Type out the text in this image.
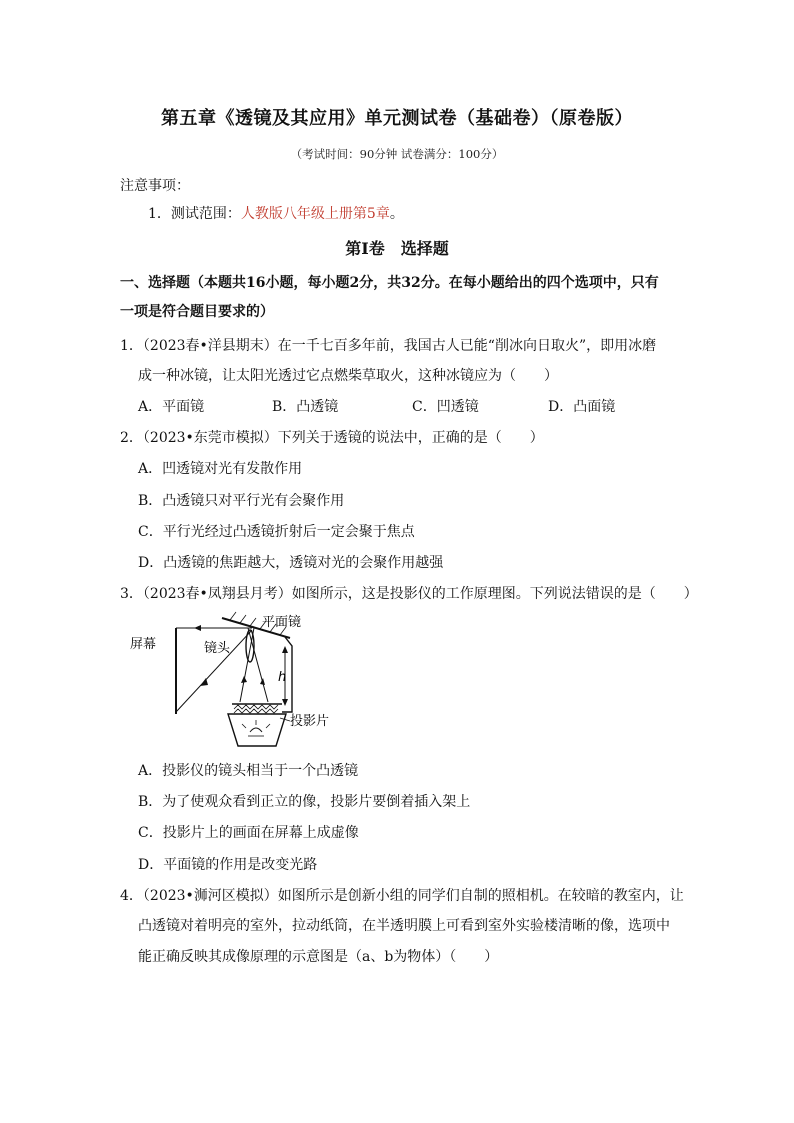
第五章《透镜及其应用》单元测试卷（基础卷）（原卷版）
（考试时间：90分钟 试卷满分：100分）
注意事项：
1．测试范围：人教版八年级上册第5章。
第Ⅰ卷　选择题
一、选择题（本题共16小题，每小题2分，共32分。在每小题给出的四个选项中，只有
一项是符合题目要求的）
1．（2023春•洋县期末）在一千七百多年前，我国古人已能“削冰向日取火”，即用冰磨
成一种冰镜，让太阳光透过它点燃柴草取火，这种冰镜应为（　　）
A．平面镜	B．凸透镜	C．凹透镜	D．凸面镜
2．（2023•东莞市模拟）下列关于透镜的说法中，正确的是（　　）
A．凹透镜对光有发散作用
B．凸透镜只对平行光有会聚作用
C．平行光经过凸透镜折射后一定会聚于焦点
D．凸透镜的焦距越大，透镜对光的会聚作用越强
3．（2023春•凤翔县月考）如图所示，这是投影仪的工作原理图。下列说法错误的是（　　）
屏幕
平面镜
镜头
h
投影片
A．投影仪的镜头相当于一个凸透镜
B．为了使观众看到正立的像，投影片要倒着插入架上
C．投影片上的画面在屏幕上成虚像
D．平面镜的作用是改变光路
4．（2023•浉河区模拟）如图所示是创新小组的同学们自制的照相机。在较暗的教室内，让
凸透镜对着明亮的室外，拉动纸筒，在半透明膜上可看到室外实验楼清晰的像，选项中
能正确反映其成像原理的示意图是（a、b为物体）（　　）
